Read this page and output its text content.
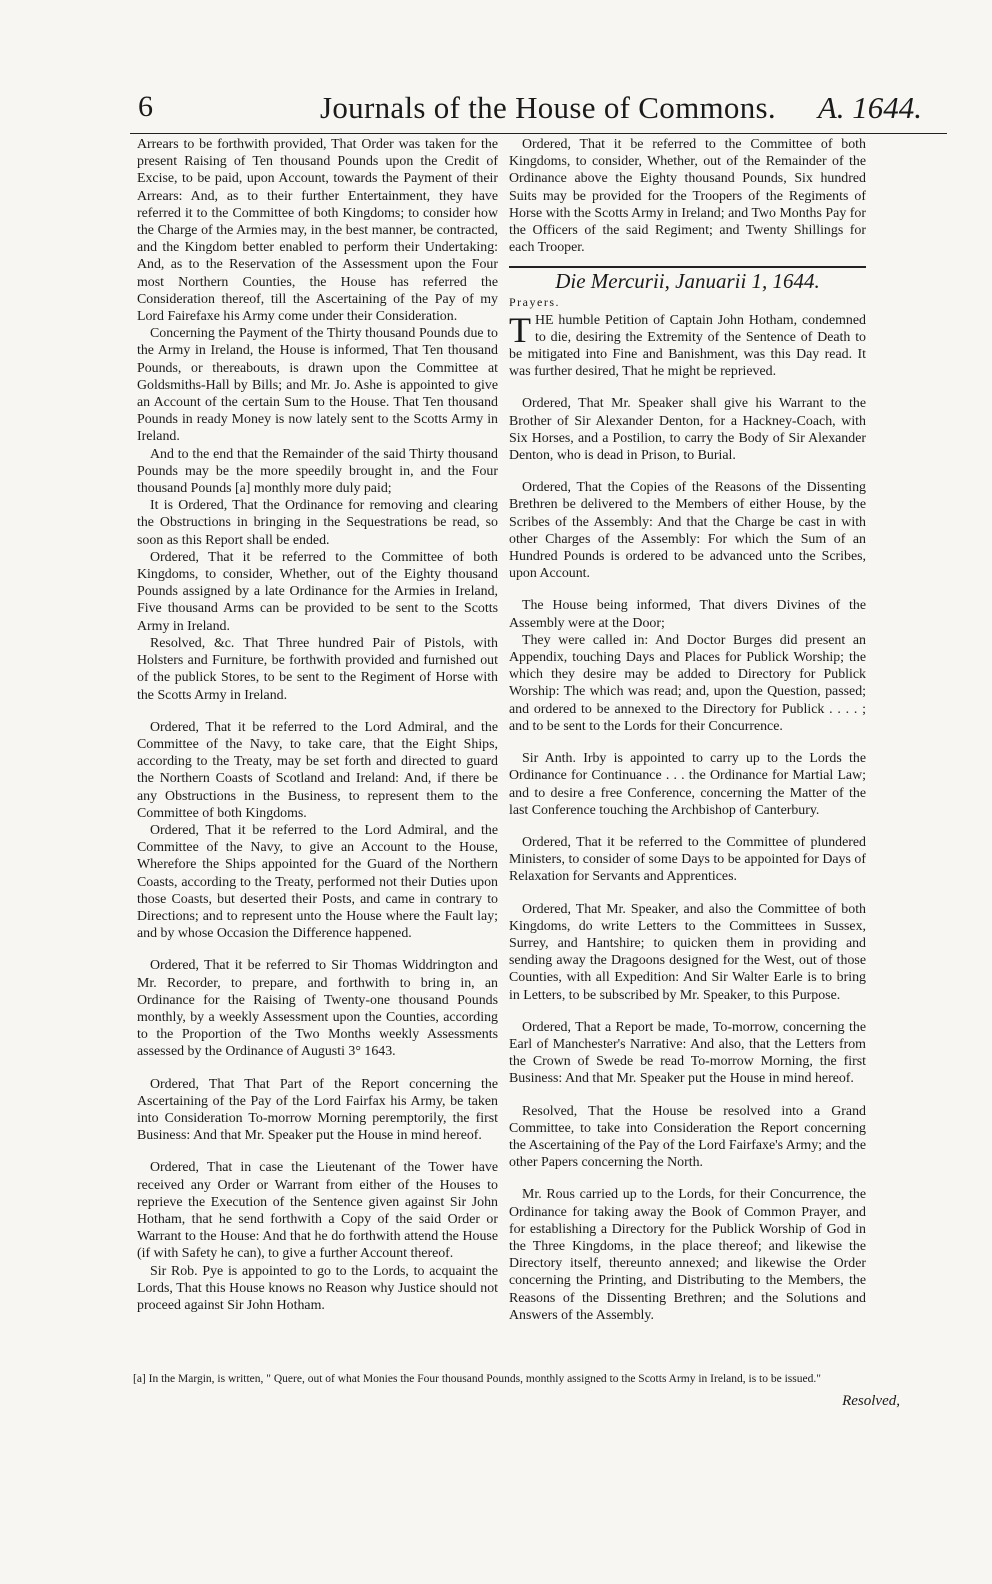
6	Journals of the House of Commons. A. 1644.

Arrears to be forthwith provided, That Order was taken for the present Raising of Ten thousand Pounds upon the Credit of Excise, to be paid, upon Account, towards the Payment of their Arrears: And, as to their further Entertainment, they have referred it to the Committee of both Kingdoms; to consider how the Charge of the Armies may, in the best manner, be contracted, and the Kingdom better enabled to perform their Undertaking: And, as to the Reservation of the Assessment upon the Four most Northern Counties, the House has referred the Consideration thereof, till the Ascertaining of the Pay of my Lord Fairefaxe his Army come under their Consideration.

Concerning the Payment of the Thirty thousand Pounds due to the Army in Ireland, the House is informed, That Ten thousand Pounds, or thereabouts, is drawn upon the Committee at Goldsmiths-Hall by Bills; and Mr. Jo. Ashe is appointed to give an Account of the certain Sum to the House. That Ten thousand Pounds in ready Money is now lately sent to the Scotts Army in Ireland.

And to the end that the Remainder of the said Thirty thousand Pounds may be the more speedily brought in, and the Four thousand Pounds [a] monthly more duly paid;

It is Ordered, That the Ordinance for removing and clearing the Obstructions in bringing in the Sequestrations be read, so soon as this Report shall be ended.

Ordered, That it be referred to the Committee of both Kingdoms, to consider, Whether, out of the Eighty thousand Pounds assigned by a late Ordinance for the Armies in Ireland, Five thousand Arms can be provided to be sent to the Scotts Army in Ireland.

Resolved, &c. That Three hundred Pair of Pistols, with Holsters and Furniture, be forthwith provided and furnished out of the publick Stores, to be sent to the Regiment of Horse with the Scotts Army in Ireland.

Ordered, That it be referred to the Lord Admiral, and the Committee of the Navy, to take care, that the Eight Ships, according to the Treaty, may be set forth and directed to guard the Northern Coasts of Scotland and Ireland: And, if there be any Obstructions in the Business, to represent them to the Committee of both Kingdoms.

Ordered, That it be referred to the Lord Admiral, and the Committee of the Navy, to give an Account to the House, Wherefore the Ships appointed for the Guard of the Northern Coasts, according to the Treaty, performed not their Duties upon those Coasts, but deserted their Posts, and came in contrary to Directions; and to represent unto the House where the Fault lay; and by whose Occasion the Difference happened.

Ordered, That it be referred to Sir Thomas Widdrington and Mr. Recorder, to prepare, and forthwith to bring in, an Ordinance for the Raising of Twenty-one thousand Pounds monthly, by a weekly Assessment upon the Counties, according to the Proportion of the Two Months weekly Assessments assessed by the Ordinance of Augusti 3° 1643.

Ordered, That That Part of the Report concerning the Ascertaining of the Pay of the Lord Fairfax his Army, be taken into Consideration To-morrow Morning peremptorily, the first Business: And that Mr. Speaker put the House in mind hereof.

Ordered, That in case the Lieutenant of the Tower have received any Order or Warrant from either of the Houses to reprieve the Execution of the Sentence given against Sir John Hotham, that he send forthwith a Copy of the said Order or Warrant to the House: And that he do forthwith attend the House (if with Safety he can), to give a further Account thereof.

Sir Rob. Pye is appointed to go to the Lords, to acquaint the Lords, That this House knows no Reason why Justice should not proceed against Sir John Hotham.

Ordered, That it be referred to the Committee of both Kingdoms, to consider, Whether, out of the Remainder of the Ordinance above the Eighty thousand Pounds, Six hundred Suits may be provided for the Troopers of the Regiments of Horse with the Scotts Army in Ireland; and Two Months Pay for the Officers of the said Regiment; and Twenty Shillings for each Trooper.

Die Mercurii, Januarii 1, 1644.

Prayers.

THE humble Petition of Captain John Hotham, condemned to die, desiring the Extremity of the Sentence of Death to be mitigated into Fine and Banishment, was this Day read. It was further desired, That he might be reprieved.

Ordered, That Mr. Speaker shall give his Warrant to the Brother of Sir Alexander Denton, for a Hackney-Coach, with Six Horses, and a Postilion, to carry the Body of Sir Alexander Denton, who is dead in Prison, to Burial.

Ordered, That the Copies of the Reasons of the Dissenting Brethren be delivered to the Members of either House, by the Scribes of the Assembly: And that the Charge be cast in with other Charges of the Assembly: For which the Sum of an Hundred Pounds is ordered to be advanced unto the Scribes, upon Account.

The House being informed, That divers Divines of the Assembly were at the Door;

They were called in: And Doctor Burges did present an Appendix, touching Days and Places for Publick Worship; the which they desire may be added to Directory for Publick Worship: The which was read; and, upon the Question, passed; and ordered to be annexed to the Directory for Publick . . . . ; and to be sent to the Lords for their Concurrence.

Sir Anth. Irby is appointed to carry up to the Lords the Ordinance for Continuance . . . the Ordinance for Martial Law; and to desire a free Conference, concerning the Matter of the last Conference touching the Archbishop of Canterbury.

Ordered, That it be referred to the Committee of plundered Ministers, to consider of some Days to be appointed for Days of Relaxation for Servants and Apprentices.

Ordered, That Mr. Speaker, and also the Committee of both Kingdoms, do write Letters to the Committees in Sussex, Surrey, and Hantshire; to quicken them in providing and sending away the Dragoons designed for the West, out of those Counties, with all Expedition: And Sir Walter Earle is to bring in Letters, to be subscribed by Mr. Speaker, to this Purpose.

Ordered, That a Report be made, To-morrow, concerning the Earl of Manchester's Narrative: And also, that the Letters from the Crown of Swede be read To-morrow Morning, the first Business: And that Mr. Speaker put the House in mind hereof.

Resolved, That the House be resolved into a Grand Committee, to take into Consideration the Report concerning the Ascertaining of the Pay of the Lord Fairfaxe's Army; and the other Papers concerning the North.

Mr. Rous carried up to the Lords, for their Concurrence, the Ordinance for taking away the Book of Common Prayer, and for establishing a Directory for the Publick Worship of God in the Three Kingdoms, in the place thereof; and likewise the Directory itself, thereunto annexed; and likewise the Order concerning the Printing, and Distributing to the Members, the Reasons of the Dissenting Brethren; and the Solutions and Answers of the Assembly.

[a] In the Margin, is written, " Quere, out of what Monies the Four thousand Pounds, monthly assigned to the Scotts Army in Ireland, is to be issued."
Resolved,
